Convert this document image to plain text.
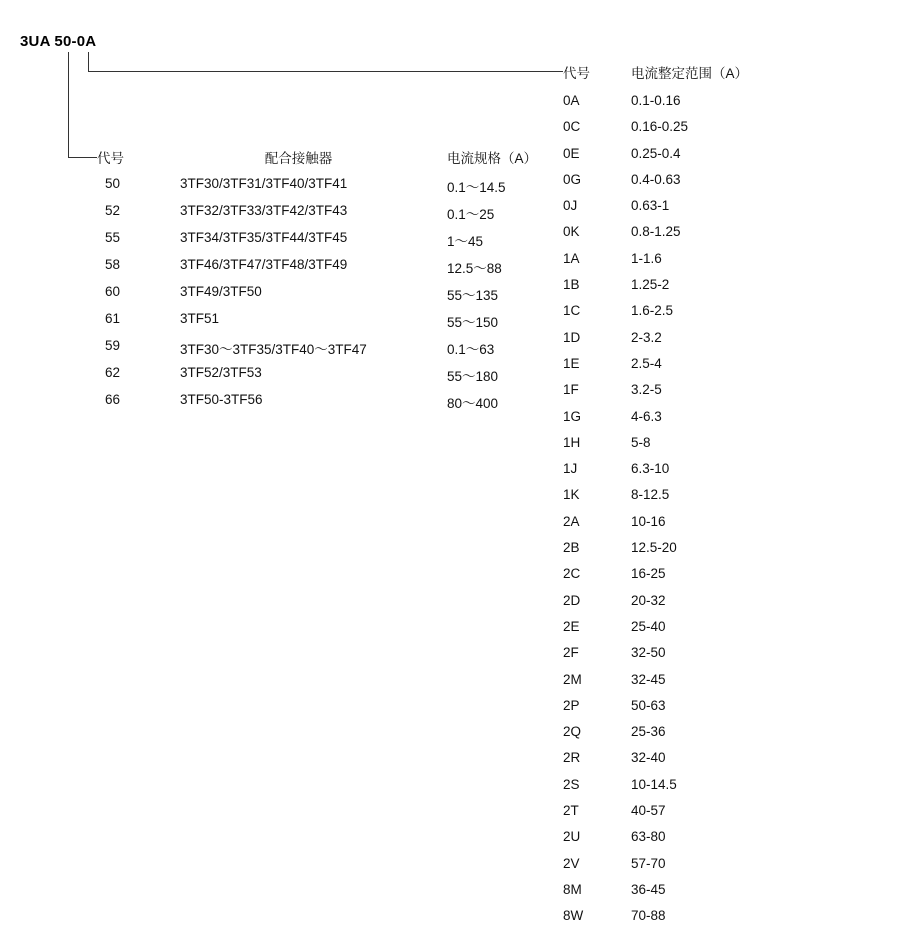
3UA 50-0A
代号	配合接触器	电流规格（A）
50	3TF30/3TF31/3TF40/3TF41	0.1～14.5
52	3TF32/3TF33/3TF42/3TF43	0.1～25
55	3TF34/3TF35/3TF44/3TF45	1～45
58	3TF46/3TF47/3TF48/3TF49	12.5～88
60	3TF49/3TF50	55～135
61	3TF51	55～150
59	3TF30～3TF35/3TF40～3TF47	0.1～63
62	3TF52/3TF53	55～180
66	3TF50-3TF56	80～400
代号	电流整定范围（A）
0A	0.1-0.16
0C	0.16-0.25
0E	0.25-0.4
0G	0.4-0.63
0J	0.63-1
0K	0.8-1.25
1A	1-1.6
1B	1.25-2
1C	1.6-2.5
1D	2-3.2
1E	2.5-4
1F	3.2-5
1G	4-6.3
1H	5-8
1J	6.3-10
1K	8-12.5
2A	10-16
2B	12.5-20
2C	16-25
2D	20-32
2E	25-40
2F	32-50
2M	32-45
2P	50-63
2Q	25-36
2R	32-40
2S	10-14.5
2T	40-57
2U	63-80
2V	57-70
8M	36-45
8W	70-88
